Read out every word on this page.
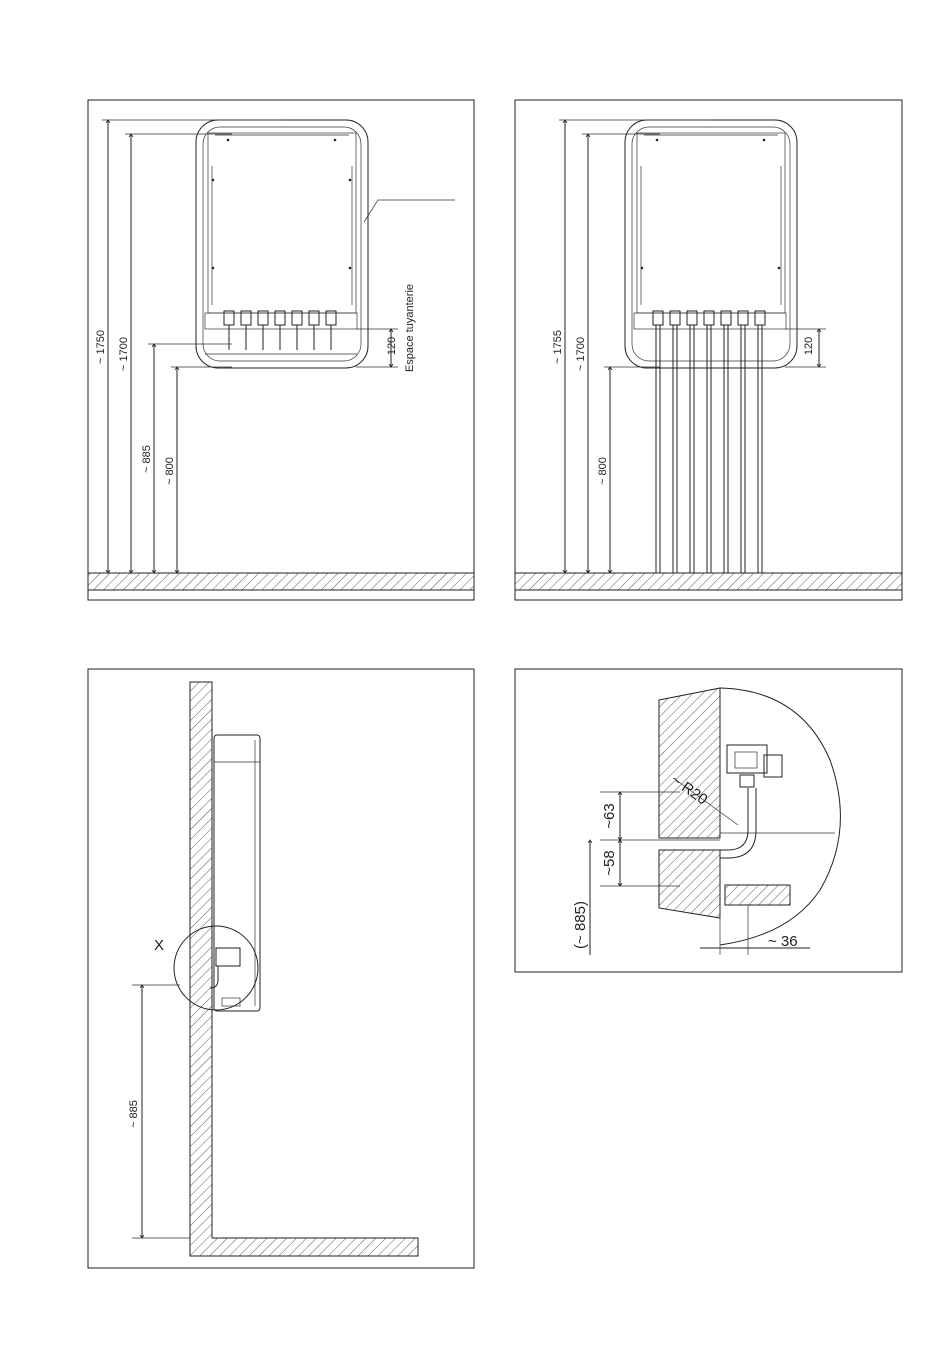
~ 1750 ~ 1700
~ 885 ~ 800
120 Espace tuyanterie	~ 1755 ~ 1700
~ 800
120
X
~ 885
~63
~58
(~ 885)
~ R20
~ 36
